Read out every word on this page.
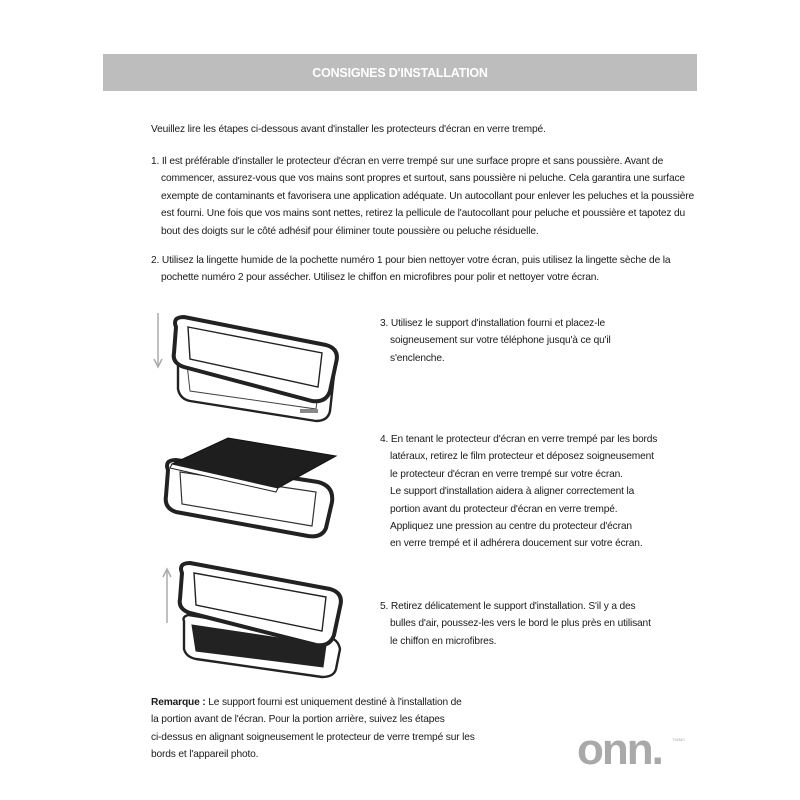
CONSIGNES D'INSTALLATION

Veuillez lire les étapes ci-dessous avant d'installer les protecteurs d'écran en verre trempé.

1. Il est préférable d'installer le protecteur d'écran en verre trempé sur une surface propre et sans poussière. Avant de
commencer, assurez-vous que vos mains sont propres et surtout, sans poussière ni peluche. Cela garantira une surface
exempte de contaminants et favorisera une application adéquate. Un autocollant pour enlever les peluches et la poussière
est fourni. Une fois que vos mains sont nettes, retirez la pellicule de l'autocollant pour peluche et poussière et tapotez du
bout des doigts sur le côté adhésif pour éliminer toute poussière ou peluche résiduelle.
2. Utilisez la lingette humide de la pochette numéro 1 pour bien nettoyer votre écran, puis utilisez la lingette sèche de la
pochette numéro 2 pour assécher. Utilisez le chiffon en microfibres pour polir et nettoyer votre écran.
3. Utilisez le support d'installation fourni et placez-le
soigneusement sur votre téléphone jusqu'à ce qu'il
s'enclenche.
4. En tenant le protecteur d'écran en verre trempé par les bords
latéraux, retirez le film protecteur et déposez soigneusement
le protecteur d'écran en verre trempé sur votre écran.
Le support d'installation aidera à aligner correctement la
portion avant du protecteur d'écran en verre trempé.
Appliquez une pression au centre du protecteur d'écran
en verre trempé et il adhérera doucement sur votre écran.
5. Retirez délicatement le support d'installation. S'il y a des
bulles d'air, poussez-les vers le bord le plus près en utilisant
le chiffon en microfibres.
Remarque : Le support fourni est uniquement destiné à l'installation de
la portion avant de l'écran. Pour la portion arrière, suivez les étapes
ci-dessus en alignant soigneusement le protecteur de verre trempé sur les
bords et l'appareil photo.	onn.	TM/MC
